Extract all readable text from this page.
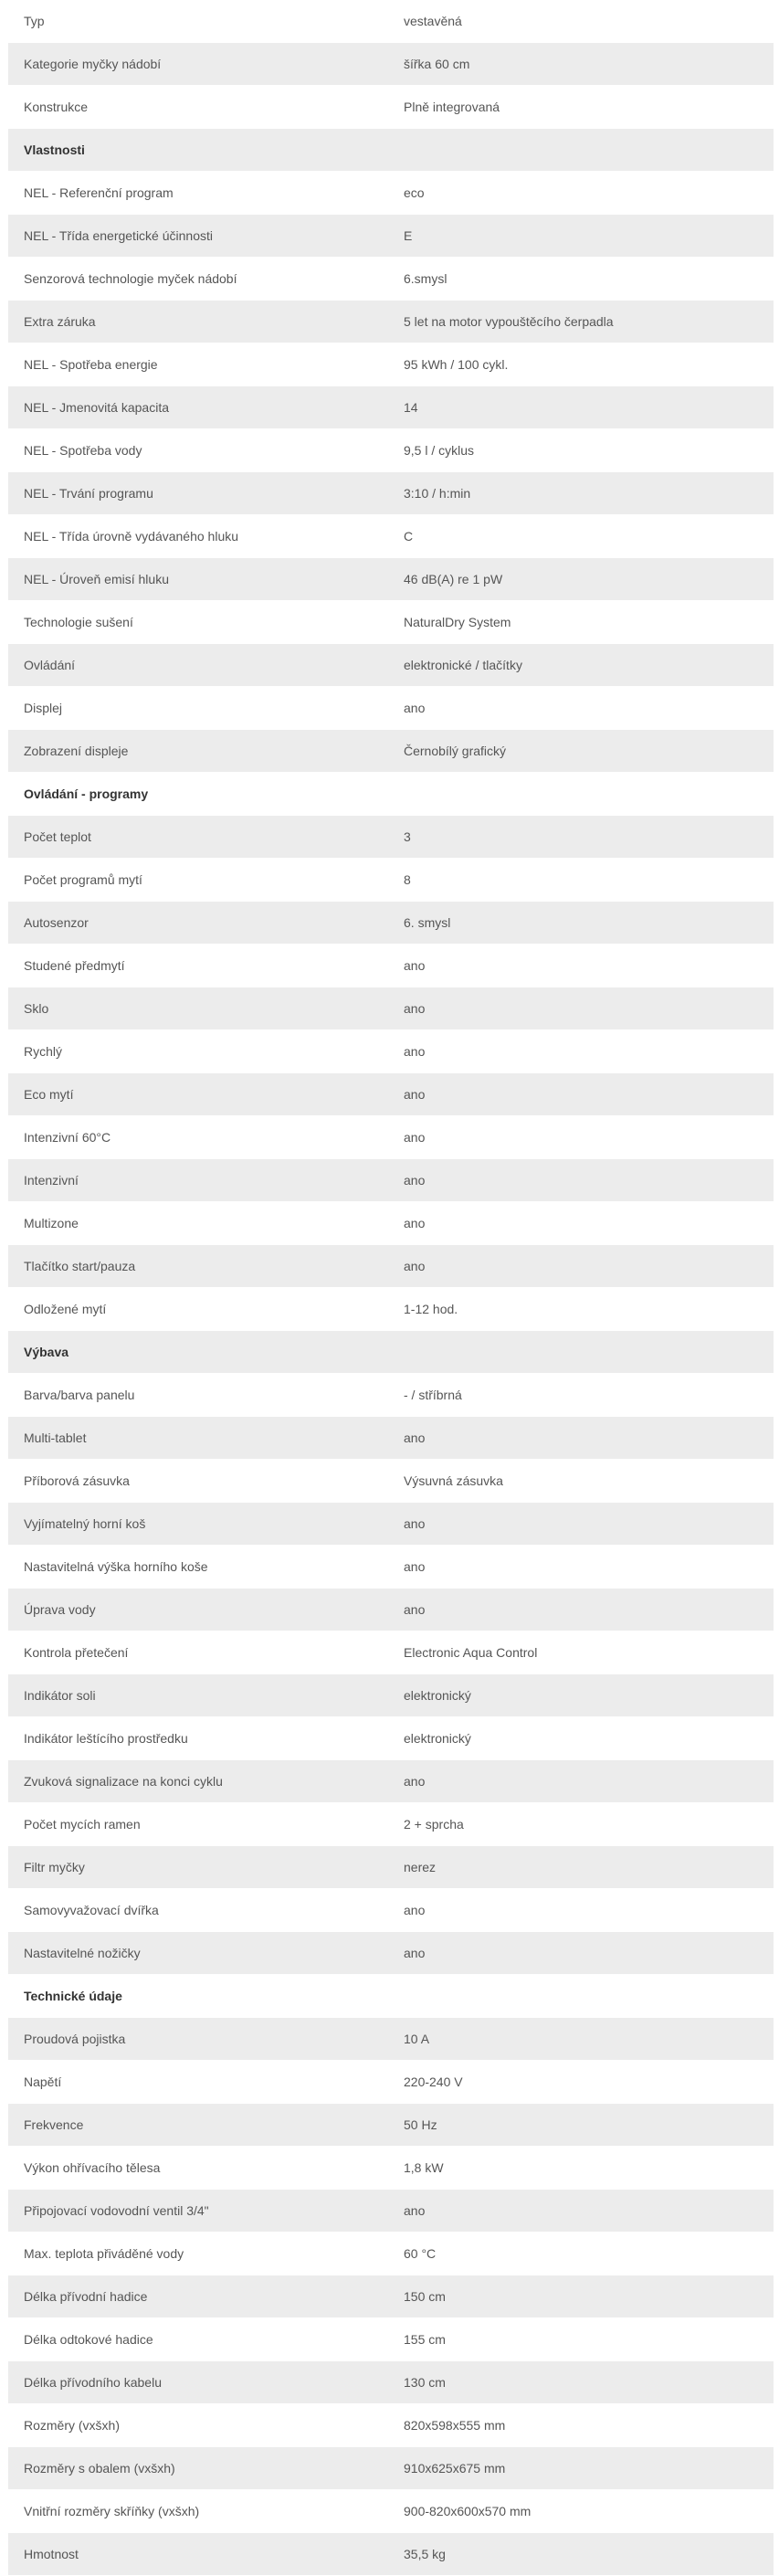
Typ	vestavěná
Kategorie myčky nádobí	šířka 60 cm
Konstrukce	Plně integrovaná
Vlastnosti	
NEL - Referenční program	eco
NEL - Třída energetické účinnosti	E
Senzorová technologie myček nádobí	6.smysl
Extra záruka	5 let na motor vypouštěcího čerpadla
NEL - Spotřeba energie	95 kWh / 100 cykl.
NEL - Jmenovitá kapacita	14
NEL - Spotřeba vody	9,5 l / cyklus
NEL - Trvání programu	3:10 / h:min
NEL - Třída úrovně vydávaného hluku	C
NEL - Úroveň emisí hluku	46 dB(A) re 1 pW
Technologie sušení	NaturalDry System
Ovládání	elektronické / tlačítky
Displej	ano
Zobrazení displeje	Černobílý grafický
Ovládání - programy	
Počet teplot	3
Počet programů mytí	8
Autosenzor	6. smysl
Studené předmytí	ano
Sklo	ano
Rychlý	ano
Eco mytí	ano
Intenzivní 60°C	ano
Intenzivní	ano
Multizone	ano
Tlačítko start/pauza	ano
Odložené mytí	1-12 hod.
Výbava	
Barva/barva panelu	- / stříbrná
Multi-tablet	ano
Příborová zásuvka	Výsuvná zásuvka
Vyjímatelný horní koš	ano
Nastavitelná výška horního koše	ano
Úprava vody	ano
Kontrola přetečení	Electronic Aqua Control
Indikátor soli	elektronický
Indikátor leštícího prostředku	elektronický
Zvuková signalizace na konci cyklu	ano
Počet mycích ramen	2 + sprcha
Filtr myčky	nerez
Samovyvažovací dvířka	ano
Nastavitelné nožičky	ano
Technické údaje	
Proudová pojistka	10 A
Napětí	220-240 V
Frekvence	50 Hz
Výkon ohřívacího tělesa	1,8 kW
Připojovací vodovodní ventil 3/4"	ano
Max. teplota přiváděné vody	60 °C
Délka přívodní hadice	150 cm
Délka odtokové hadice	155 cm
Délka přívodního kabelu	130 cm
Rozměry (vxšxh)	820x598x555 mm
Rozměry s obalem (vxšxh)	910x625x675 mm
Vnitřní rozměry skříňky (vxšxh)	900-820x600x570 mm
Hmotnost	35,5 kg
